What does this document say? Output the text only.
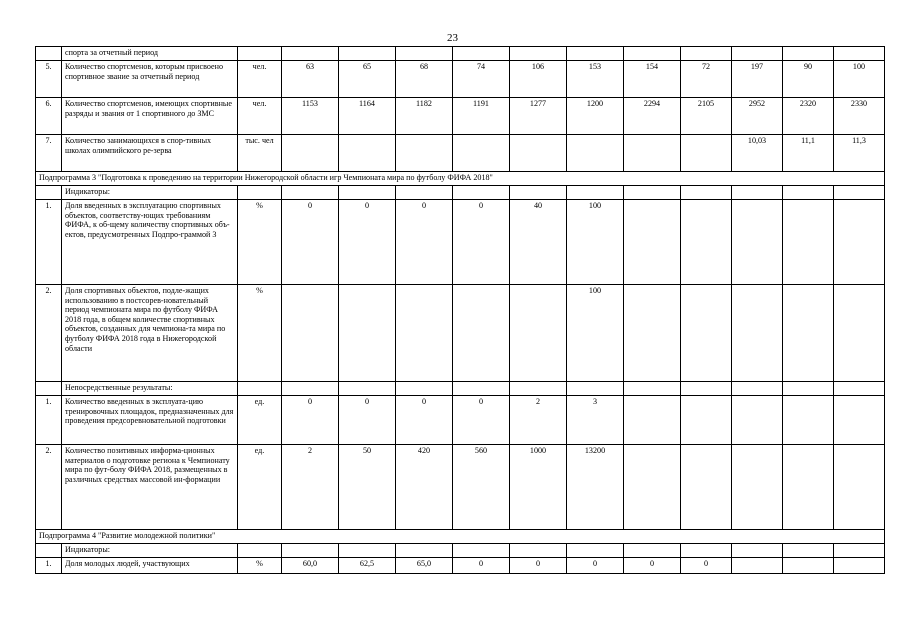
23
	спорта за отчетный период												
5.	Количество спортсменов, которым присвоено спортивное звание за отчетный период	чел.	63	65	68	74	106	153	154	72	197	90	100
6.	Количество спортсменов, имеющих спортивные разряды и звания от 1 спортивного до ЗМС	чел.	1153	1164	1182	1191	1277	1200	2294	2105	2952	2320	2330
7.	Количество занимающихся в спор-тивных школах олимпийского ре-зерва	тыс. чел									10,03	11,1	11,3
Подпрограмма 3 "Подготовка к проведению на территории Нижегородской области игр Чемпионата мира по футболу ФИФА 2018"													
	Индикаторы:												
1.	Доля введенных в эксплуатацию спортивных объектов, соответству-ющих требованиям ФИФА, к об-щему количеству спортивных объ-ектов, предусмотренных Подпро-граммой 3	%	0	0	0	0	40	100					
2.	Доля спортивных объектов, подле-жащих использованию в постсорев-новательный период чемпионата мира по футболу ФИФА 2018 года, в общем количестве спортивных объектов, созданных для чемпиона-та мира по футболу ФИФА 2018 года в Нижегородской области	%						100					
	Непосредственные результаты:												
1.	Количество введенных в эксплуата-цию тренировочных площадок, предназначенных для проведения предсоревновательной подготовки	ед.	0	0	0	0	2	3					
2.	Количество позитивных информа-ционных материалов о подготовке региона к Чемпионату мира по фут-болу ФИФА 2018, размещенных в различных средствах массовой ин-формации	ед.	2	50	420	560	1000	13200					
Подпрограмма 4 "Развитие молодежной политики"													
	Индикаторы:												
1.	Доля молодых людей, участвующих	%	60,0	62,5	65,0	0	0	0	0	0			
